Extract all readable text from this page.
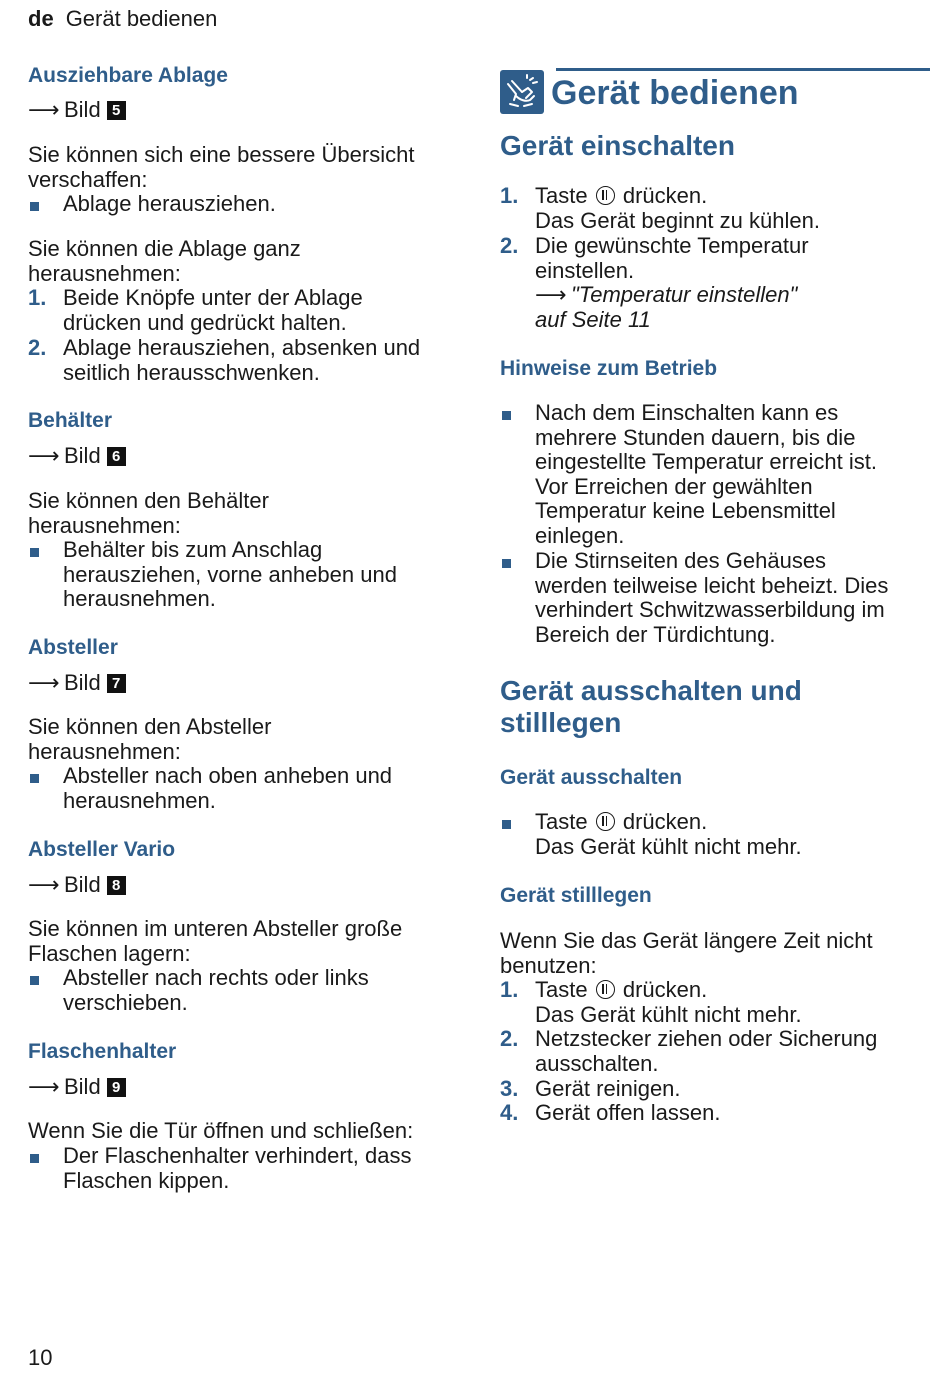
de Gerät bedienen
Ausziehbare Ablage
⟶ Bild 5
Sie können sich eine bessere Übersicht
verschaffen:
Ablage herausziehen.
Sie können die Ablage ganz
herausnehmen:
1. Beide Knöpfe unter der Ablage
drücken und gedrückt halten.
2. Ablage herausziehen, absenken und
seitlich herausschwenken.
Behälter
⟶ Bild 6
Sie können den Behälter
herausnehmen:
Behälter bis zum Anschlag
herausziehen, vorne anheben und
herausnehmen.
Absteller
⟶ Bild 7
Sie können den Absteller
herausnehmen:
Absteller nach oben anheben und
herausnehmen.
Absteller Vario
⟶ Bild 8
Sie können im unteren Absteller große
Flaschen lagern:
Absteller nach rechts oder links
verschieben.
Flaschenhalter
⟶ Bild 9
Wenn Sie die Tür öffnen und schließen:
Der Flaschenhalter verhindert, dass
Flaschen kippen.
Gerät bedienen
Gerät einschalten
1. Taste drücken.
Das Gerät beginnt zu kühlen.
2. Die gewünschte Temperatur
einstellen.
⟶ "Temperatur einstellen"
auf Seite 11
Hinweise zum Betrieb
Nach dem Einschalten kann es
mehrere Stunden dauern, bis die
eingestellte Temperatur erreicht ist.
Vor Erreichen der gewählten
Temperatur keine Lebensmittel
einlegen.
Die Stirnseiten des Gehäuses
werden teilweise leicht beheizt. Dies
verhindert Schwitzwasserbildung im
Bereich der Türdichtung.
Gerät ausschalten und
stilllegen
Gerät ausschalten
Taste drücken.
Das Gerät kühlt nicht mehr.
Gerät stilllegen
Wenn Sie das Gerät längere Zeit nicht
benutzen:
1. Taste drücken.
Das Gerät kühlt nicht mehr.
2. Netzstecker ziehen oder Sicherung
ausschalten.
3. Gerät reinigen.
4. Gerät offen lassen.
10
